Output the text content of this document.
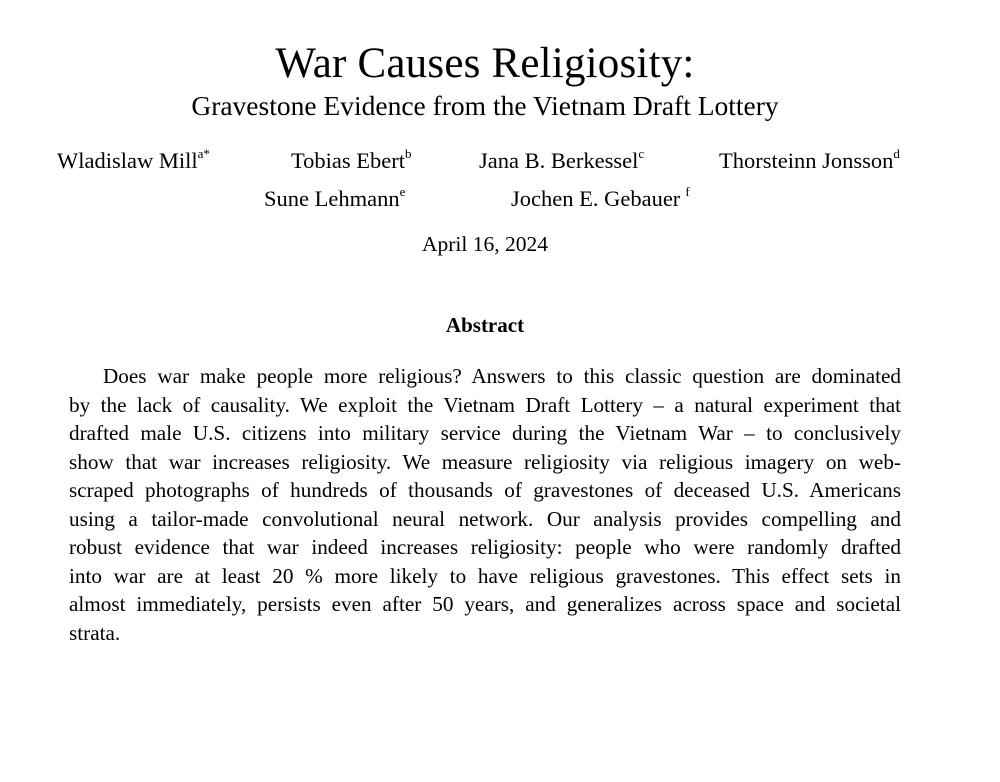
War Causes Religiosity:
Gravestone Evidence from the Vietnam Draft Lottery
Wladislaw Mill$^{a*}$	Tobias Ebert$^b$	Jana B. Berkessel$^c$	Thorsteinn Jonsson$^d$
Sune Lehmann$^e$	Jochen E. Gebauer $^f$
April 16, 2024
Abstract
Does war make people more religious? Answers to this classic question are dominated
by the lack of causality. We exploit the Vietnam Draft Lottery – a natural experiment that
drafted male U.S. citizens into military service during the Vietnam War – to conclusively
show that war increases religiosity. We measure religiosity via religious imagery on web-
scraped photographs of hundreds of thousands of gravestones of deceased U.S. Americans
using a tailor-made convolutional neural network. Our analysis provides compelling and
robust evidence that war indeed increases religiosity: people who were randomly drafted
into war are at least 20 % more likely to have religious gravestones. This effect sets in
almost immediately, persists even after 50 years, and generalizes across space and societal
strata.
